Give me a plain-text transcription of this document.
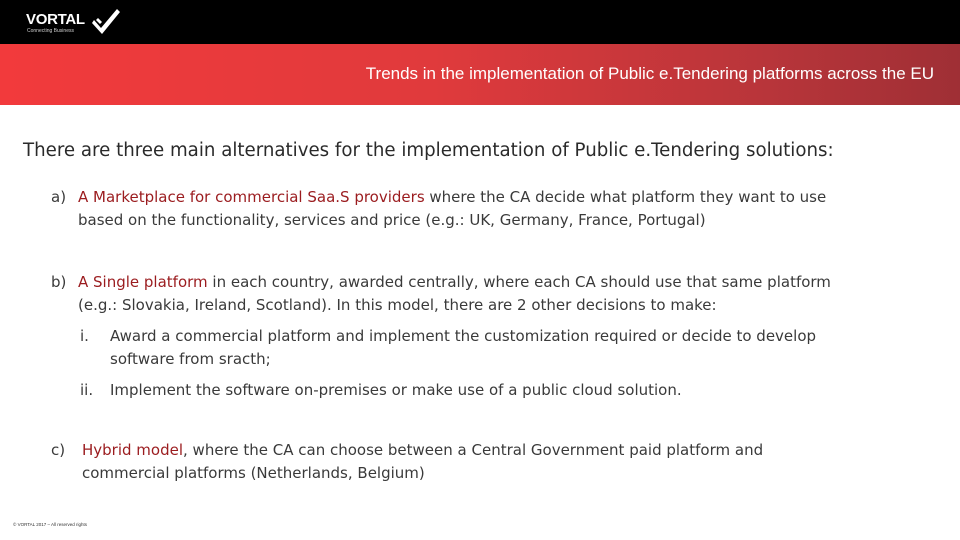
VORTAL
Connecting Business
Trends in the implementation of Public e.Tendering platforms across the EU
There are three main alternatives for the implementation of Public e.Tendering solutions:
a) A Marketplace for commercial Saa.S providers where the CA decide what platform they want to use
based on the functionality, services and price (e.g.: UK, Germany, France, Portugal)
b) A Single platform in each country, awarded centrally, where each CA should use that same platform
(e.g.: Slovakia, Ireland, Scotland). In this model, there are 2 other decisions to make:
i. Award a commercial platform and implement the customization required or decide to develop
software from sracth;
ii. Implement the software on-premises or make use of a public cloud solution.
c) Hybrid model, where the CA can choose between a Central Government paid platform and
commercial platforms (Netherlands, Belgium)
© VORTAL 2017 – All reserved rights
